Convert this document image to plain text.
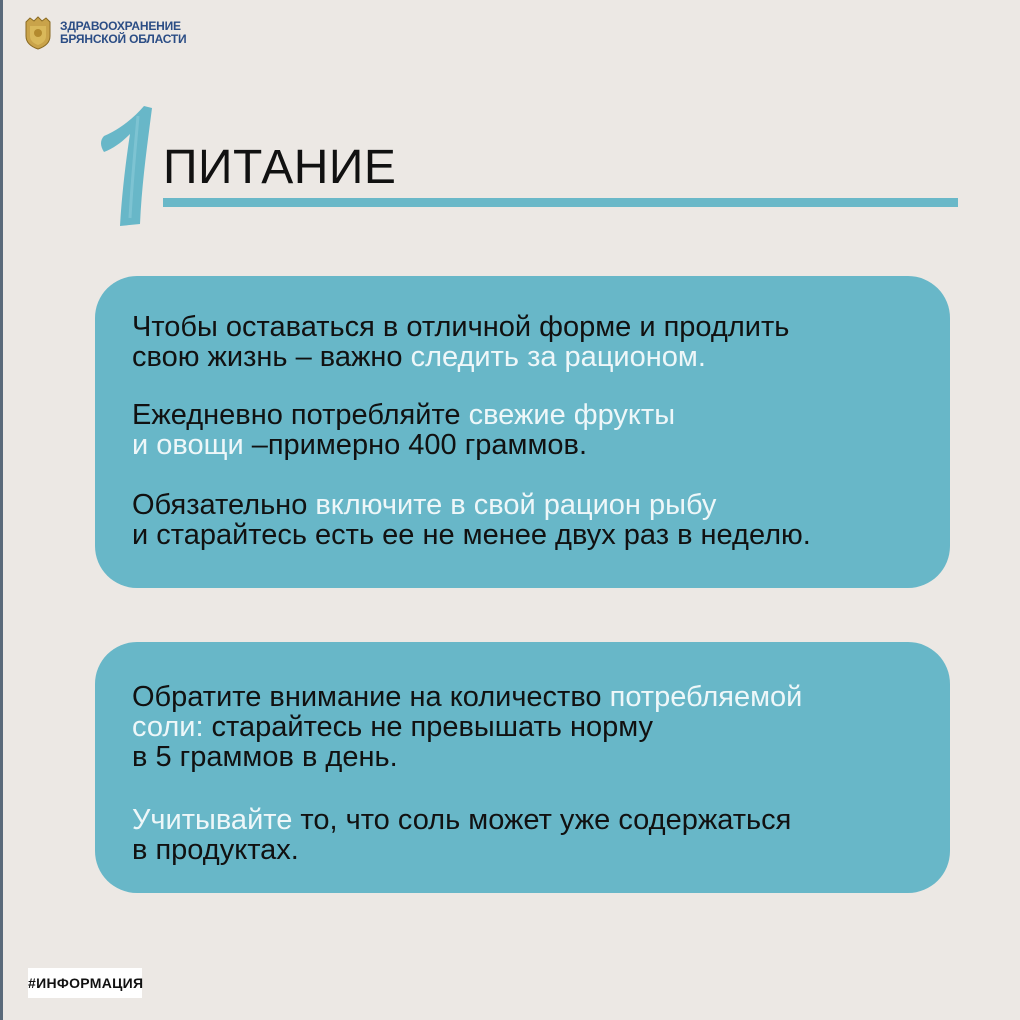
ЗДРАВООХРАНЕНИЕ
БРЯНСКОЙ ОБЛАСТИ
ПИТАНИЕ

Чтобы оставаться в отличной форме и продлить
свою жизнь – важно следить за рационом.

Ежедневно потребляйте свежие фрукты
и овощи –примерно 400 граммов.

Обязательно включите в свой рацион рыбу
и старайтесь есть ее не менее двух раз в неделю.

Обратите внимание на количество потребляемой
соли: старайтесь не превышать норму
в 5 граммов в день.

Учитывайте то, что соль может уже содержаться
в продуктах.

#ИНФОРМАЦИЯ
